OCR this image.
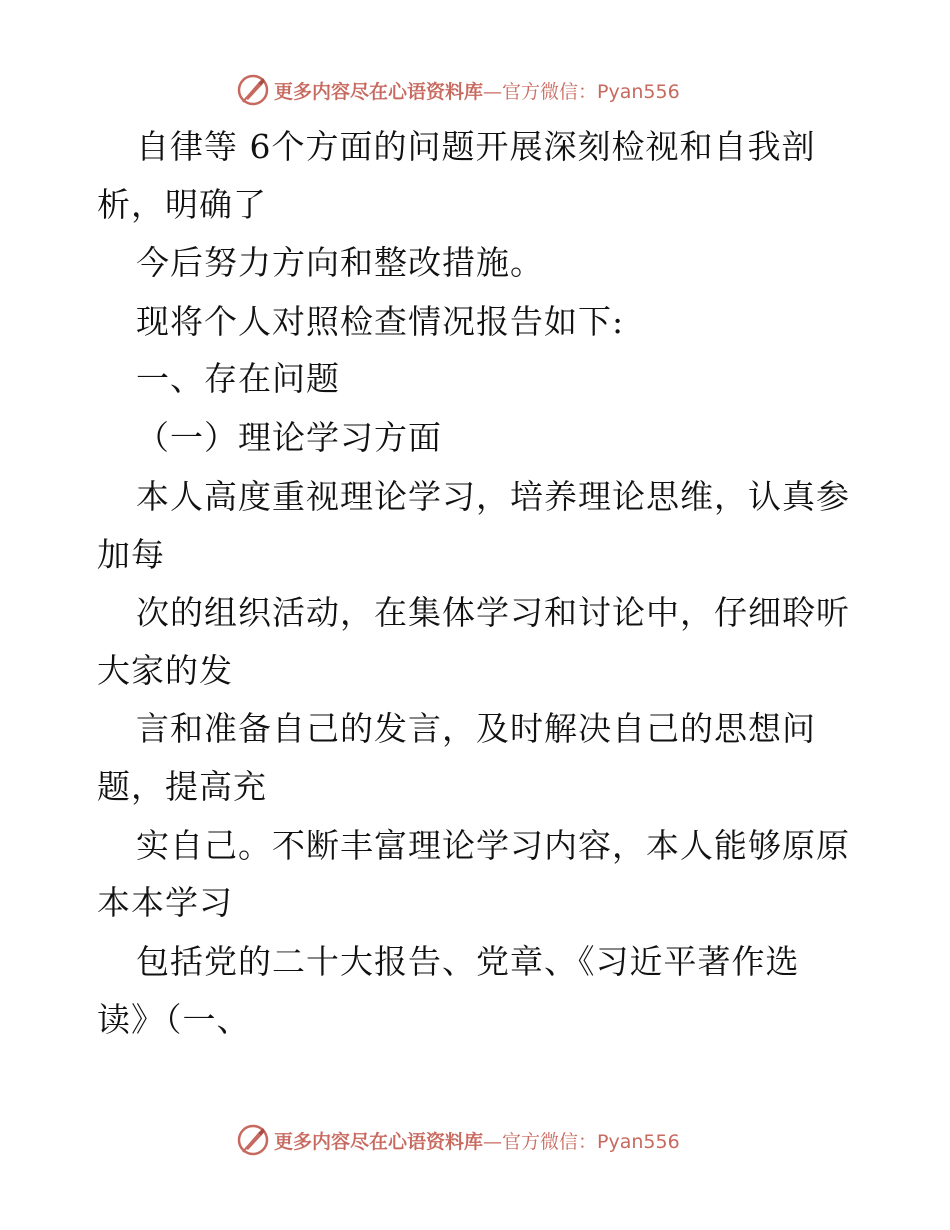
更多内容尽在心语资料库—官方微信：Pyan556
自律等 6个方面的问题开展深刻检视和自我剖
析，明确了
今后努力方向和整改措施。
现将个人对照检查情况报告如下:
一、存在问题
（一）理论学习方面
本人高度重视理论学习，培养理论思维，认真参
加每
次的组织活动，在集体学习和讨论中，仔细聆听
大家的发
言和准备自己的发言，及时解决自己的思想问
题，提高充
实自己。不断丰富理论学习内容，本人能够原原
本本学习
包括党的二十大报告、党章、《习近平著作选
读》（一、
更多内容尽在心语资料库—官方微信：Pyan556
